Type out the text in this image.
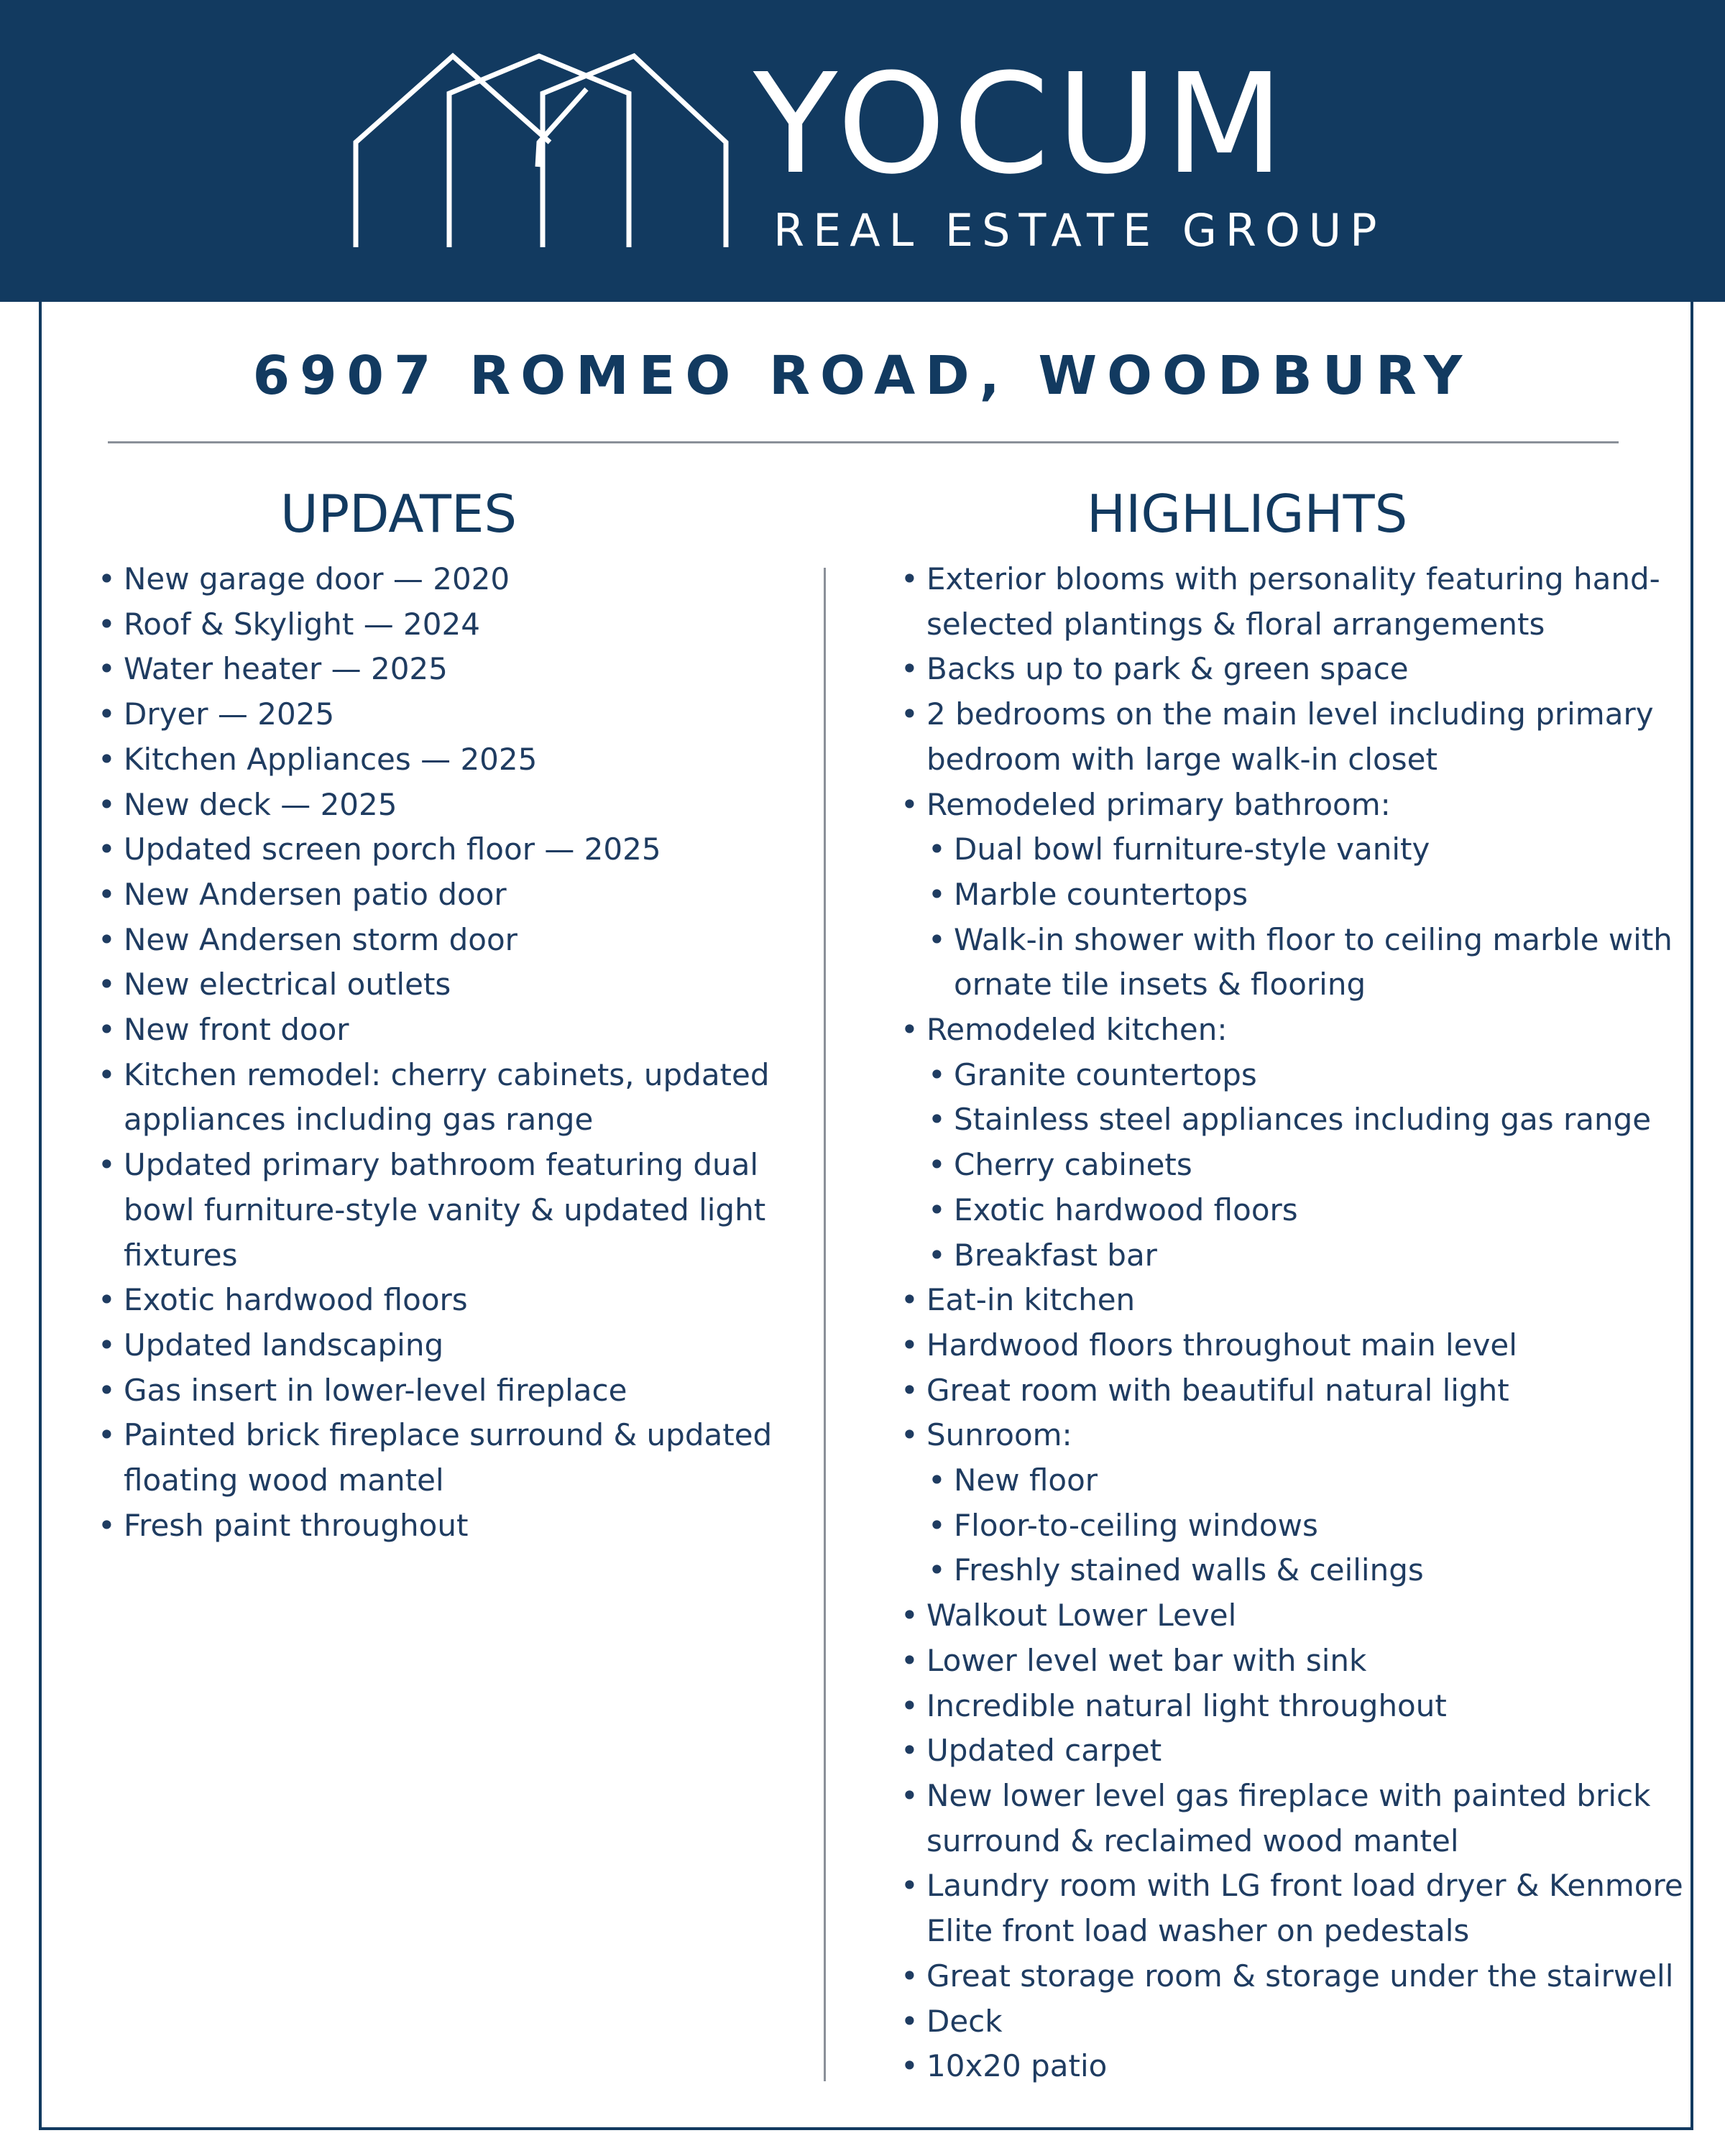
YOCUM
REAL ESTATE GROUP
6907 ROMEO ROAD, WOODBURY
UPDATES	HIGHLIGHTS
• New garage door — 2020
• Roof & Skylight — 2024
• Water heater — 2025
• Dryer — 2025
• Kitchen Appliances — 2025
• New deck — 2025
• Updated screen porch floor — 2025
• New Andersen patio door
• New Andersen storm door
• New electrical outlets
• New front door
• Kitchen remodel: cherry cabinets, updated appliances including gas range
• Updated primary bathroom featuring dual bowl furniture-style vanity & updated light fixtures
• Exotic hardwood floors
• Updated landscaping
• Gas insert in lower-level fireplace
• Painted brick fireplace surround & updated floating wood mantel
• Fresh paint throughout
• Exterior blooms with personality featuring hand-selected plantings & floral arrangements
• Backs up to park & green space
• 2 bedrooms on the main level including primary bedroom with large walk-in closet
• Remodeled primary bathroom:
• Dual bowl furniture-style vanity
• Marble countertops
• Walk-in shower with floor to ceiling marble with ornate tile insets & flooring
• Remodeled kitchen:
• Granite countertops
• Stainless steel appliances including gas range
• Cherry cabinets
• Exotic hardwood floors
• Breakfast bar
• Eat-in kitchen
• Hardwood floors throughout main level
• Great room with beautiful natural light
• Sunroom:
• New floor
• Floor-to-ceiling windows
• Freshly stained walls & ceilings
• Walkout Lower Level
• Lower level wet bar with sink
• Incredible natural light throughout
• Updated carpet
• New lower level gas fireplace with painted brick surround & reclaimed wood mantel
• Laundry room with LG front load dryer & Kenmore Elite front load washer on pedestals
• Great storage room & storage under the stairwell
• Deck
• 10x20 patio
